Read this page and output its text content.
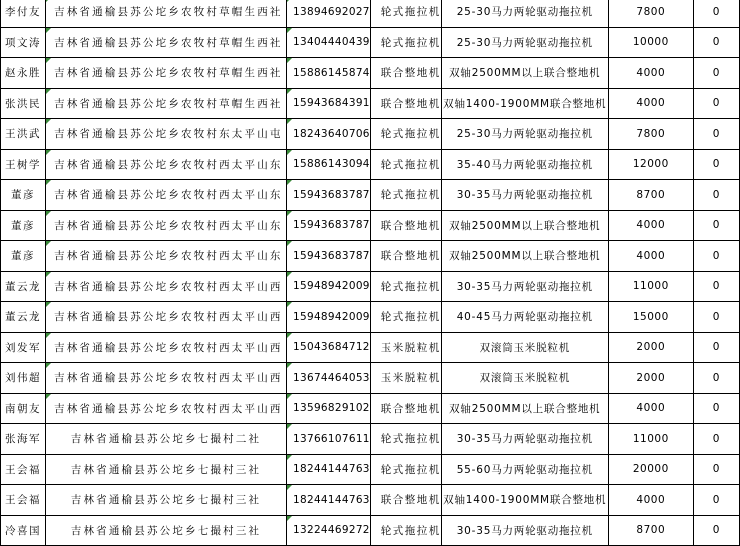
李付友	吉林省通榆县苏公坨乡农牧村草帽生西社	13894692027	轮式拖拉机	25-30马力两轮驱动拖拉机	7800	0
项文涛	吉林省通榆县苏公坨乡农牧村草帽生西社	13404440439	轮式拖拉机	25-30马力两轮驱动拖拉机	10000	0
赵永胜	吉林省通榆县苏公坨乡农牧村草帽生西社	15886145874	联合整地机	双轴2500MM以上联合整地机	4000	0
张洪民	吉林省通榆县苏公坨乡农牧村草帽生西社	15943684391	联合整地机	双轴1400-1900MM联合整地机	4000	0
王洪武	吉林省通榆县苏公坨乡农牧村东太平山屯	18243640706	轮式拖拉机	25-30马力两轮驱动拖拉机	7800	0
王树学	吉林省通榆县苏公坨乡农牧村西太平山东	15886143094	轮式拖拉机	35-40马力两轮驱动拖拉机	12000	0
董彦	吉林省通榆县苏公坨乡农牧村西太平山东	15943683787	轮式拖拉机	30-35马力两轮驱动拖拉机	8700	0
董彦	吉林省通榆县苏公坨乡农牧村西太平山东	15943683787	联合整地机	双轴2500MM以上联合整地机	4000	0
董彦	吉林省通榆县苏公坨乡农牧村西太平山东	15943683787	联合整地机	双轴2500MM以上联合整地机	4000	0
董云龙	吉林省通榆县苏公坨乡农牧村西太平山西	15948942009	轮式拖拉机	30-35马力两轮驱动拖拉机	11000	0
董云龙	吉林省通榆县苏公坨乡农牧村西太平山西	15948942009	轮式拖拉机	40-45马力两轮驱动拖拉机	15000	0
刘发军	吉林省通榆县苏公坨乡农牧村西太平山西	15043684712	玉米脱粒机	双滚筒玉米脱粒机	2000	0
刘伟超	吉林省通榆县苏公坨乡农牧村西太平山西	13674464053	玉米脱粒机	双滚筒玉米脱粒机	2000	0
南朝友	吉林省通榆县苏公坨乡农牧村西太平山西	13596829102	联合整地机	双轴2500MM以上联合整地机	4000	0
张海军	吉林省通榆县苏公坨乡七撮村二社	13766107611	轮式拖拉机	30-35马力两轮驱动拖拉机	11000	0
王会福	吉林省通榆县苏公坨乡七撮村三社	18244144763	轮式拖拉机	55-60马力两轮驱动拖拉机	20000	0
王会福	吉林省通榆县苏公坨乡七撮村三社	18244144763	联合整地机	双轴1400-1900MM联合整地机	4000	0
冷喜国	吉林省通榆县苏公坨乡七撮村三社	13224469272	轮式拖拉机	30-35马力两轮驱动拖拉机	8700	0
